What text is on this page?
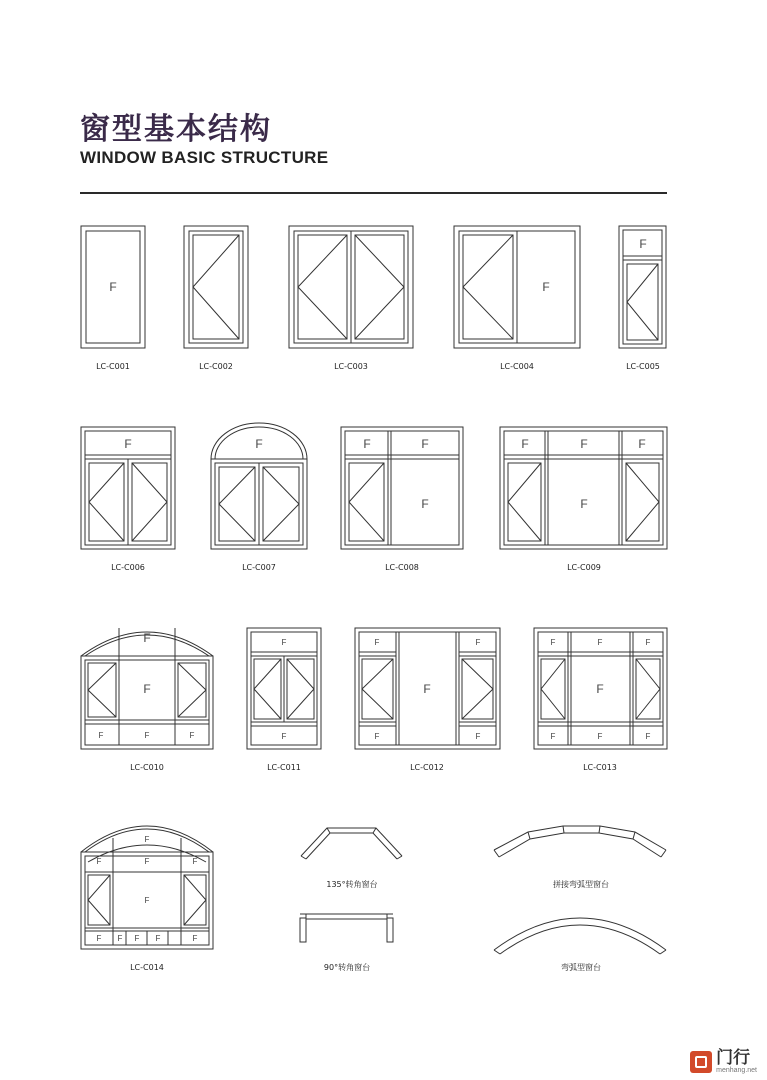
窗型基本结构
WINDOW BASIC STRUCTURE
F
LC-C001	LC-C002	LC-C003
F
LC-C004
F
LC-C005
F
LC-C006
F
LC-C007
F	F
F
LC-C008
F	F	F
F
LC-C009
F
F
F	F	F
LC-C010
F
F
LC-C011
F	F
F
F	F
LC-C012
F	F	F
F
F	F	F
LC-C013
F
F	F	F
F
F F F F	F
LC-C014
135°转角窗台	拼接弯弧型窗台
90°转角窗台	弯弧型窗台
门行
menhang.net
